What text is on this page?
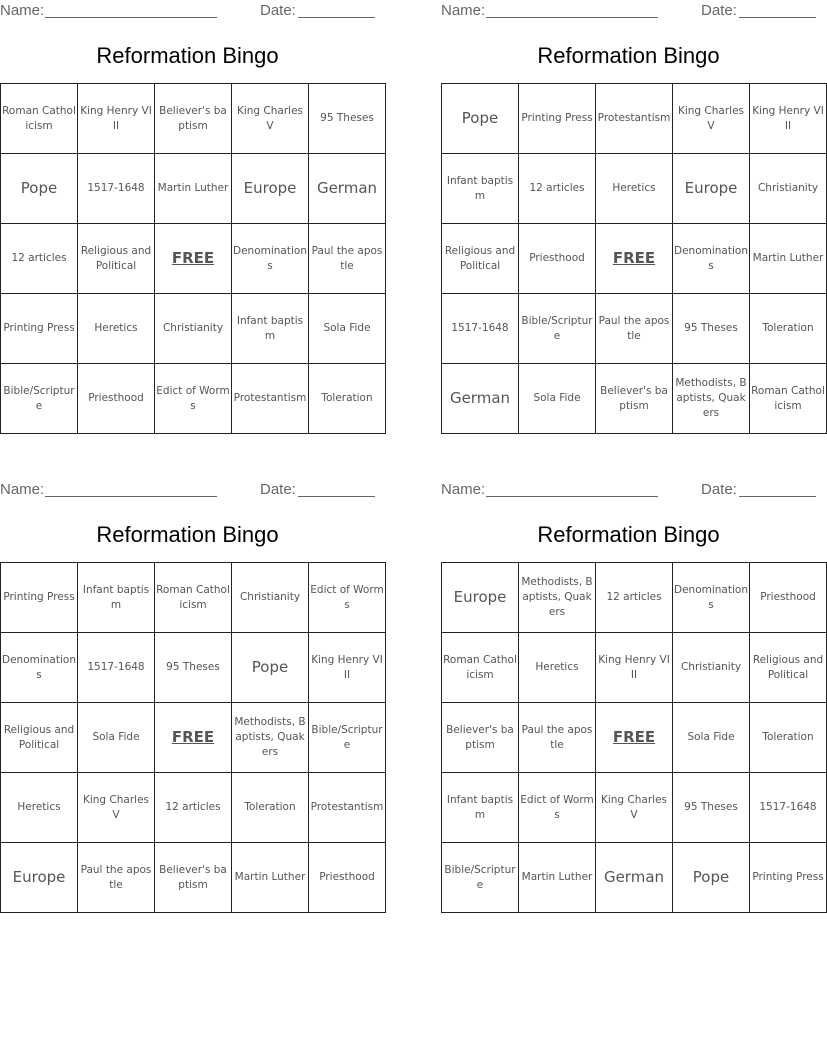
Name:	Date:
Reformation Bingo
Roman Catholicism	King Henry VIII	Believer's baptism	King Charles V	95 Theses
Pope	1517-1648	Martin Luther	Europe	German
12 articles	Religious and Political	FREE	Denominations	Paul the apostle
Printing Press	Heretics	Christianity	Infant baptism	Sola Fide
Bible/Scripture	Priesthood	Edict of Worms	Protestantism	Toleration
Name:	Date:
Reformation Bingo
Pope	Printing Press	Protestantism	King Charles V	King Henry VIII
Infant baptism	12 articles	Heretics	Europe	Christianity
Religious and Political	Priesthood	FREE	Denominations	Martin Luther
1517-1648	Bible/Scripture	Paul the apostle	95 Theses	Toleration
German	Sola Fide	Believer's baptism	Methodists, Baptists, Quakers	Roman Catholicism
Name:	Date:
Reformation Bingo
Printing Press	Infant baptism	Roman Catholicism	Christianity	Edict of Worms
Denominations	1517-1648	95 Theses	Pope	King Henry VIII
Religious and Political	Sola Fide	FREE	Methodists, Baptists, Quakers	Bible/Scripture
Heretics	King Charles V	12 articles	Toleration	Protestantism
Europe	Paul the apostle	Believer's baptism	Martin Luther	Priesthood
Name:	Date:
Reformation Bingo
Europe	Methodists, Baptists, Quakers	12 articles	Denominations	Priesthood
Roman Catholicism	Heretics	King Henry VIII	Christianity	Religious and Political
Believer's baptism	Paul the apostle	FREE	Sola Fide	Toleration
Infant baptism	Edict of Worms	King Charles V	95 Theses	1517-1648
Bible/Scripture	Martin Luther	German	Pope	Printing Press
